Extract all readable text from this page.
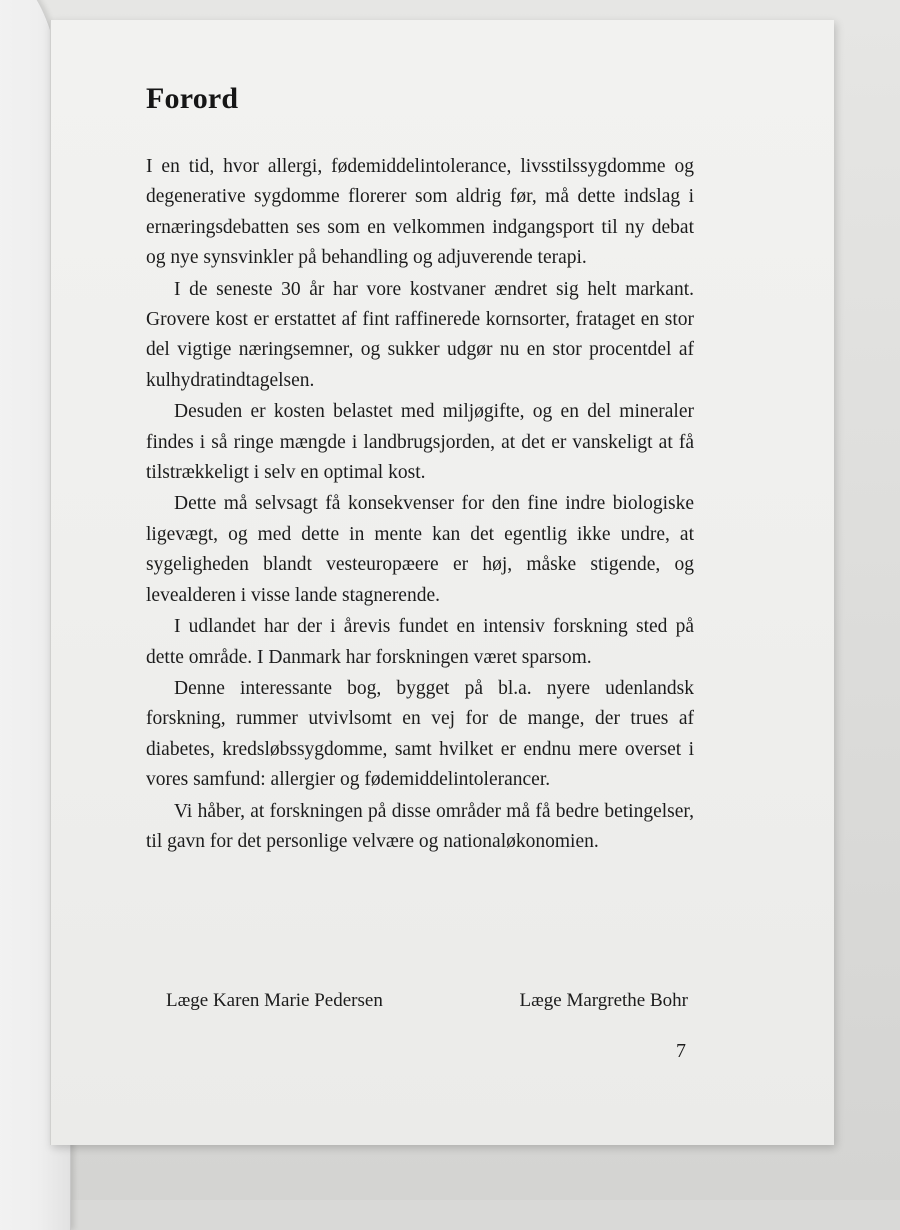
Forord

I en tid, hvor allergi, fødemiddelintolerance, livsstilssygdomme og degenerative sygdomme florerer som aldrig før, må dette indslag i ernæringsdebatten ses som en velkommen indgangsport til ny debat og nye synsvinkler på behandling og adjuverende terapi.

I de seneste 30 år har vore kostvaner ændret sig helt markant. Grovere kost er erstattet af fint raffinerede kornsorter, frataget en stor del vigtige næringsemner, og sukker udgør nu en stor procentdel af kulhydratindtagelsen.

Desuden er kosten belastet med miljøgifte, og en del mineraler findes i så ringe mængde i landbrugsjorden, at det er vanskeligt at få tilstrækkeligt i selv en optimal kost.

Dette må selvsagt få konsekvenser for den fine indre biologiske ligevægt, og med dette in mente kan det egentlig ikke undre, at sygeligheden blandt vesteuropæere er høj, måske stigende, og levealderen i visse lande stagnerende.

I udlandet har der i årevis fundet en intensiv forskning sted på dette område. I Danmark har forskningen været sparsom.

Denne interessante bog, bygget på bl.a. nyere udenlandsk forskning, rummer utvivlsomt en vej for de mange, der trues af diabetes, kredsløbssygdomme, samt hvilket er endnu mere overset i vores samfund: allergier og fødemiddelintolerancer.

Vi håber, at forskningen på disse områder må få bedre betingelser, til gavn for det personlige velvære og nationaløkonomien.

Læge Karen Marie Pedersen	Læge Margrethe Bohr
7
